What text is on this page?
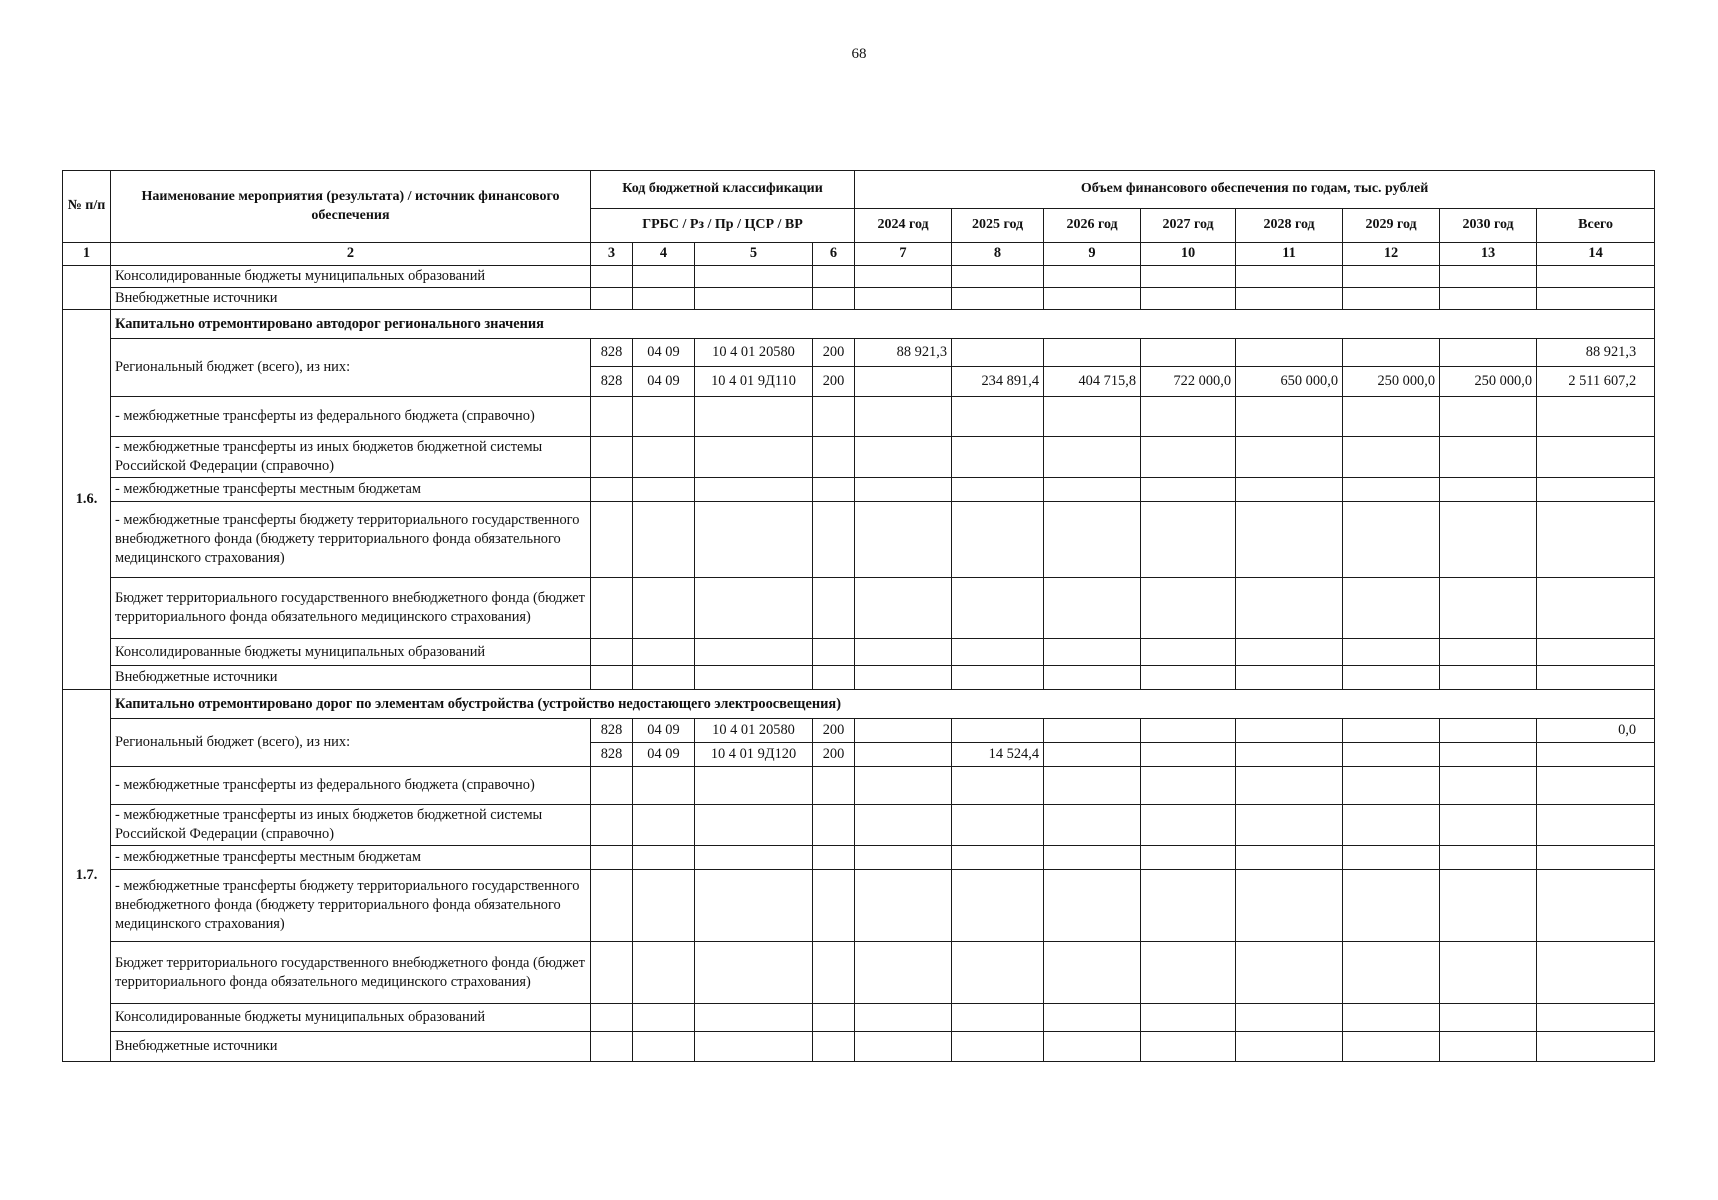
68
№ п/п	Наименование мероприятия (результата) / источник финансового обеспечения	Код бюджетной классификации				Объем финансового обеспечения по годам, тыс. рублей							
		ГРБС / Рз / Пр / ЦСР / ВР				2024 год	2025 год	2026 год	2027 год	2028 год	2029 год	2030 год	Всего
1	2	3	4	5	6	7	8	9	10	11	12	13	14
	Консолидированные бюджеты муниципальных образований												
	Внебюджетные источники												
1.6.	Капитально отремонтировано автодорог регионального значения												
	Региональный бюджет (всего), из них:	828	04 09	10 4 01 20580	200	88 921,3							88 921,3
		828	04 09	10 4 01 9Д110	200		234 891,4	404 715,8	722 000,0	650 000,0	250 000,0	250 000,0	2 511 607,2
	- межбюджетные трансферты из федерального бюджета (справочно)												
	- межбюджетные трансферты из иных бюджетов бюджетной системы Российской Федерации (справочно)												
	- межбюджетные трансферты местным бюджетам												
	- межбюджетные трансферты бюджету территориального государственного внебюджетного фонда (бюджету территориального фонда обязательного медицинского страхования)												
	Бюджет территориального государственного внебюджетного фонда (бюджет территориального фонда обязательного медицинского страхования)												
	Консолидированные бюджеты муниципальных образований												
	Внебюджетные источники												
1.7.	Капитально отремонтировано дорог по элементам обустройства (устройство недостающего электроосвещения)												
	Региональный бюджет (всего), из них:	828	04 09	10 4 01 20580	200								0,0
		828	04 09	10 4 01 9Д120	200		14 524,4						
	- межбюджетные трансферты из федерального бюджета (справочно)												
	- межбюджетные трансферты из иных бюджетов бюджетной системы Российской Федерации (справочно)												
	- межбюджетные трансферты местным бюджетам												
	- межбюджетные трансферты бюджету территориального государственного внебюджетного фонда (бюджету территориального фонда обязательного медицинского страхования)												
	Бюджет территориального государственного внебюджетного фонда (бюджет территориального фонда обязательного медицинского страхования)												
	Консолидированные бюджеты муниципальных образований												
	Внебюджетные источники												
